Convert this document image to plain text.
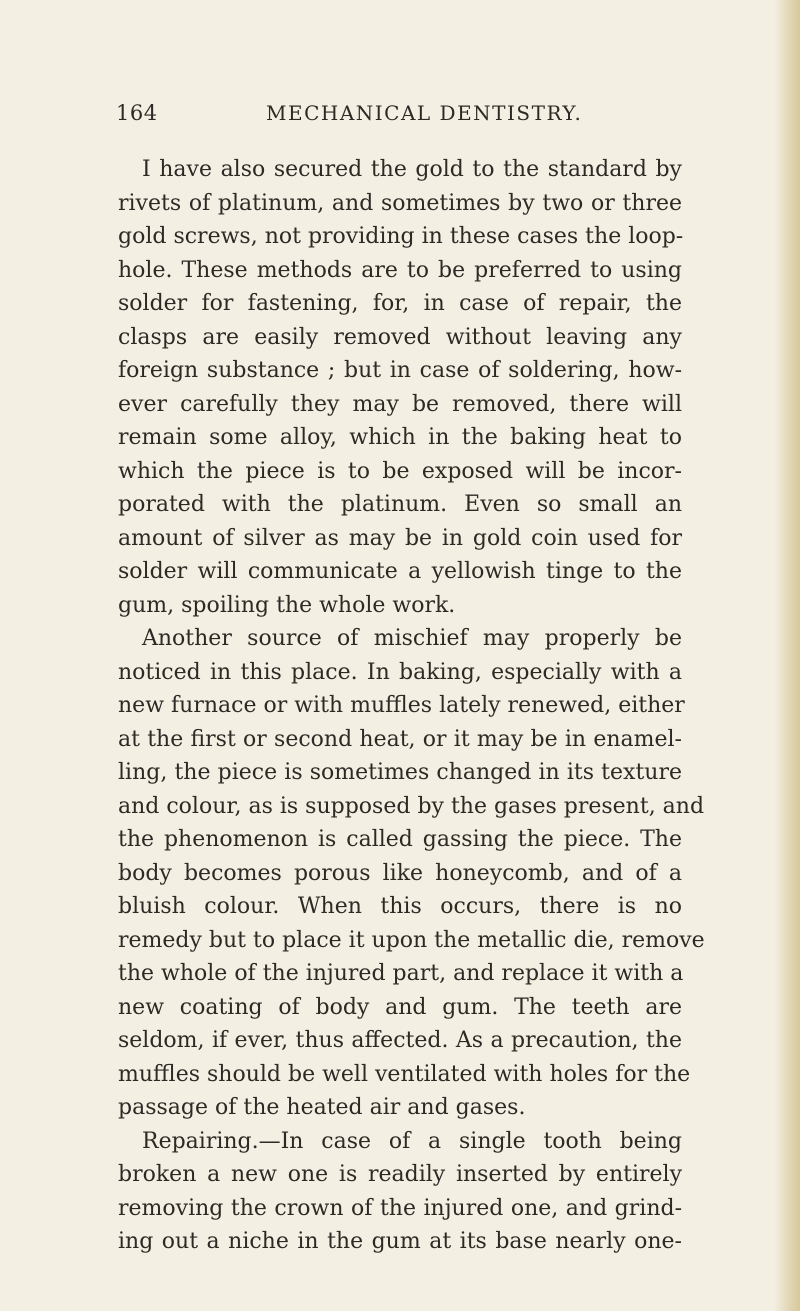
164	MECHANICAL DENTISTRY.
I have also secured the gold to the standard by
rivets of platinum, and sometimes by two or three
gold screws, not providing in these cases the loop-
hole. These methods are to be preferred to using
solder for fastening, for, in case of repair, the
clasps are easily removed without leaving any
foreign substance ; but in case of soldering, how-
ever carefully they may be removed, there will
remain some alloy, which in the baking heat to
which the piece is to be exposed will be incor-
porated with the platinum. Even so small an
amount of silver as may be in gold coin used for
solder will communicate a yellowish tinge to the
gum, spoiling the whole work.
Another source of mischief may properly be
noticed in this place. In baking, especially with a
new furnace or with muffles lately renewed, either
at the first or second heat, or it may be in enamel-
ling, the piece is sometimes changed in its texture
and colour, as is supposed by the gases present, and
the phenomenon is called gassing the piece. The
body becomes porous like honeycomb, and of a
bluish colour. When this occurs, there is no
remedy but to place it upon the metallic die, remove
the whole of the injured part, and replace it with a
new coating of body and gum. The teeth are
seldom, if ever, thus affected. As a precaution, the
muffles should be well ventilated with holes for the
passage of the heated air and gases.
Repairing.—In case of a single tooth being
broken a new one is readily inserted by entirely
removing the crown of the injured one, and grind-
ing out a niche in the gum at its base nearly one-
